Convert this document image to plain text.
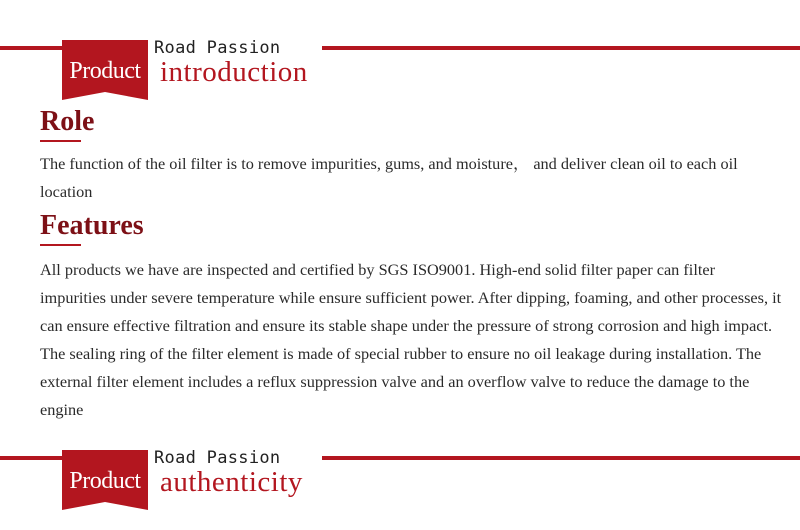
Product
Road Passion
introduction
Role

The function of the oil filter is to remove impurities, gums, and moisture， and deliver clean oil to each oil location

Features

All products we have are inspected and certified by SGS ISO9001. High-end solid filter paper can filter impurities under severe temperature while ensure sufficient power. After dipping, foaming, and other processes, it can ensure effective filtration and ensure its stable shape under the pressure of strong corrosion and high impact. The sealing ring of the filter element is made of special rubber to ensure no oil leakage during installation. The external filter element includes a reflux suppression valve and an overflow valve to reduce the damage to the engine

Product
Road Passion
authenticity
